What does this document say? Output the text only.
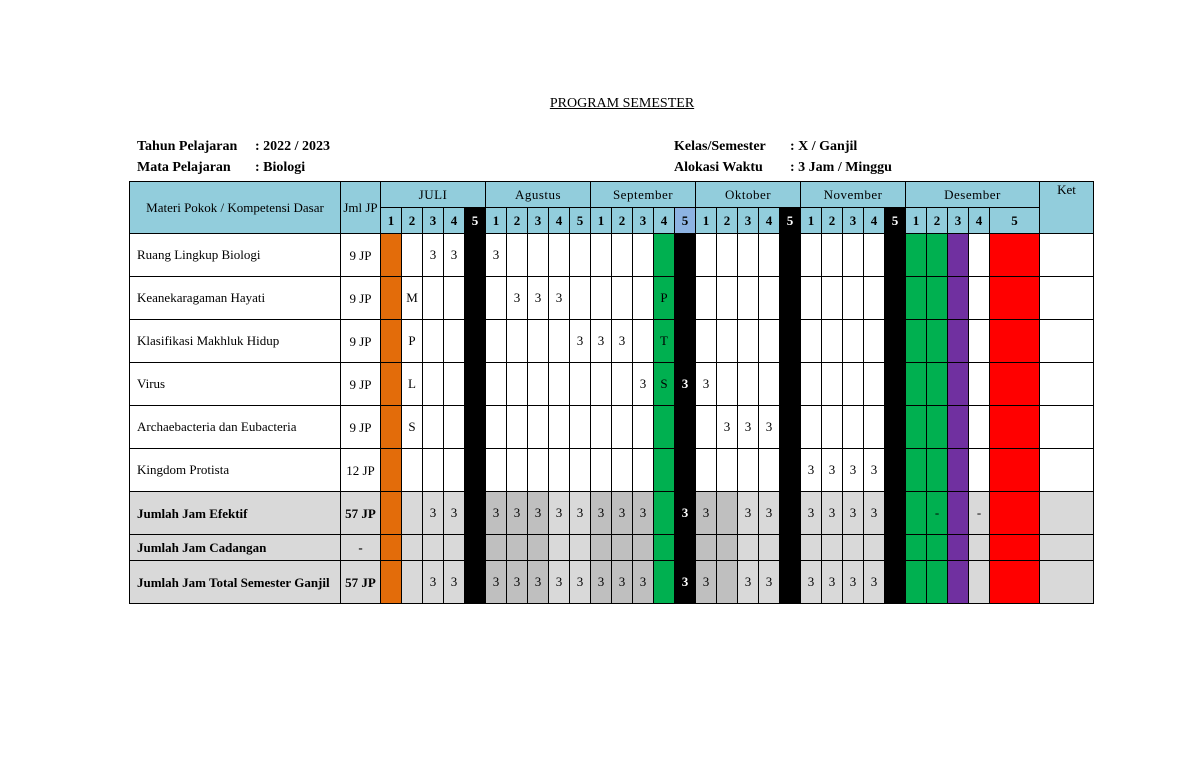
PROGRAM SEMESTER
Tahun Pelajaran : 2022 / 2023
Mata Pelajaran : Biologi
Kelas/Semester : X / Ganjil
Alokasi Waktu : 3 Jam / Minggu
Materi Pokok / Kompetensi Dasar	Jml JP	JULI					Agustus					September					Oktober					November					Desember					Ket
		1	2	3	4	5	1	2	3	4	5	1	2	3	4	5	1	2	3	4	5	1	2	3	4	5	1	2	3	4	5	
Ruang Lingkup Biologi	9 JP			3	3		3																									
Keanekaragaman Hayati	9 JP		M					3	3	3					P																	
Klasifikasi Makhluk Hidup	9 JP		P								3	3	3		T																	
Virus	9 JP		L											3	S	3	3															
Archaebacteria dan Eubacteria	9 JP		S															3	3	3												
Kingdom Protista	12 JP																					3	3	3	3							
Jumlah Jam Efektif	57 JP			3	3		3	3	3	3	3	3	3	3		3	3		3	3		3	3	3	3			-		-		
Jumlah Jam Cadangan	-																															
Jumlah Jam Total Semester Ganjil	57 JP			3	3		3	3	3	3	3	3	3	3		3	3		3	3		3	3	3	3							
